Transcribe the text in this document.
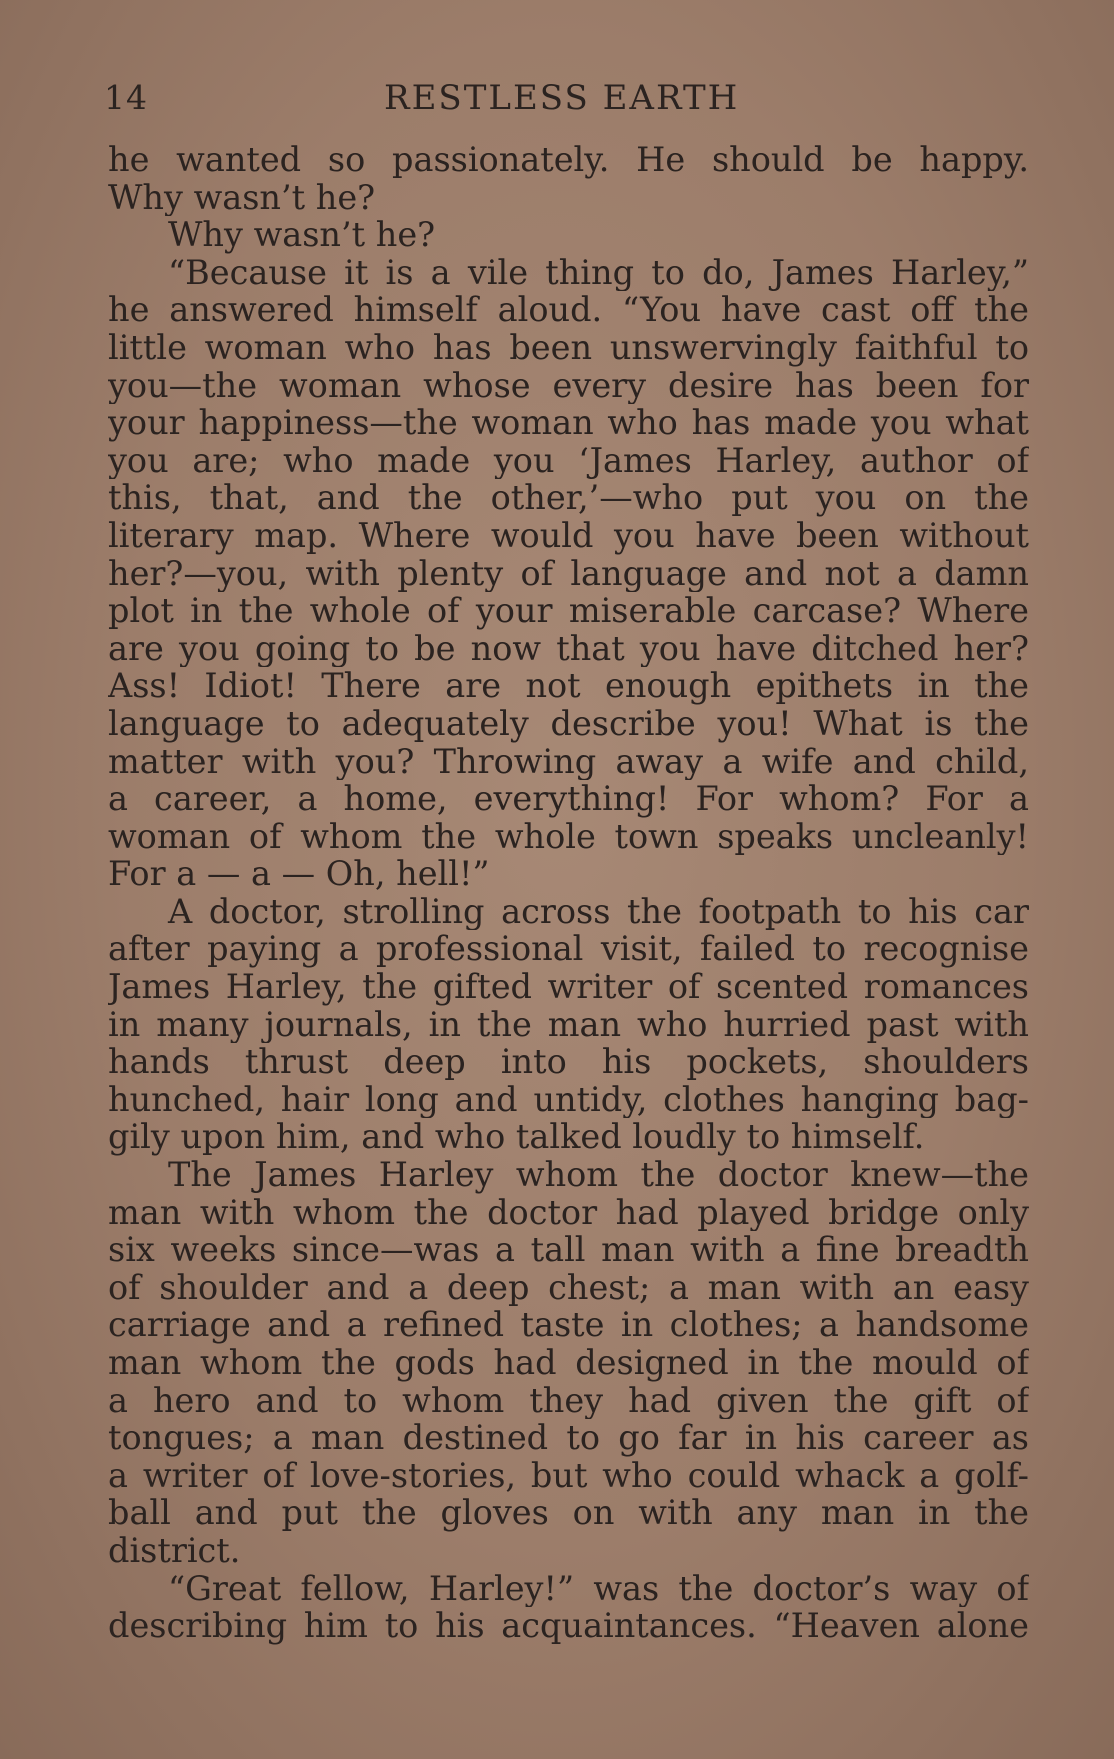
14	RESTLESS EARTH
he wanted so passionately. He should be happy.
Why wasn’t he?
Why wasn’t he?
“Because it is a vile thing to do, James Harley,”
he answered himself aloud. “You have cast off the
little woman who has been unswervingly faithful to
you—the woman whose every desire has been for
your happiness—the woman who has made you what
you are; who made you ‘James Harley, author of
this, that, and the other,’—who put you on the
literary map. Where would you have been without
her?—you, with plenty of language and not a damn
plot in the whole of your miserable carcase? Where
are you going to be now that you have ditched her?
Ass! Idiot! There are not enough epithets in the
language to adequately describe you! What is the
matter with you? Throwing away a wife and child,
a career, a home, everything! For whom? For a
woman of whom the whole town speaks uncleanly!
For a — a — Oh, hell!”
A doctor, strolling across the footpath to his car
after paying a professional visit, failed to recognise
James Harley, the gifted writer of scented romances
in many journals, in the man who hurried past with
hands thrust deep into his pockets, shoulders
hunched, hair long and untidy, clothes hanging bag-
gily upon him, and who talked loudly to himself.
The James Harley whom the doctor knew—the
man with whom the doctor had played bridge only
six weeks since—was a tall man with a fine breadth
of shoulder and a deep chest; a man with an easy
carriage and a refined taste in clothes; a handsome
man whom the gods had designed in the mould of
a hero and to whom they had given the gift of
tongues; a man destined to go far in his career as
a writer of love-stories, but who could whack a golf-
ball and put the gloves on with any man in the
district.
“Great fellow, Harley!” was the doctor’s way of
describing him to his acquaintances. “Heaven alone
